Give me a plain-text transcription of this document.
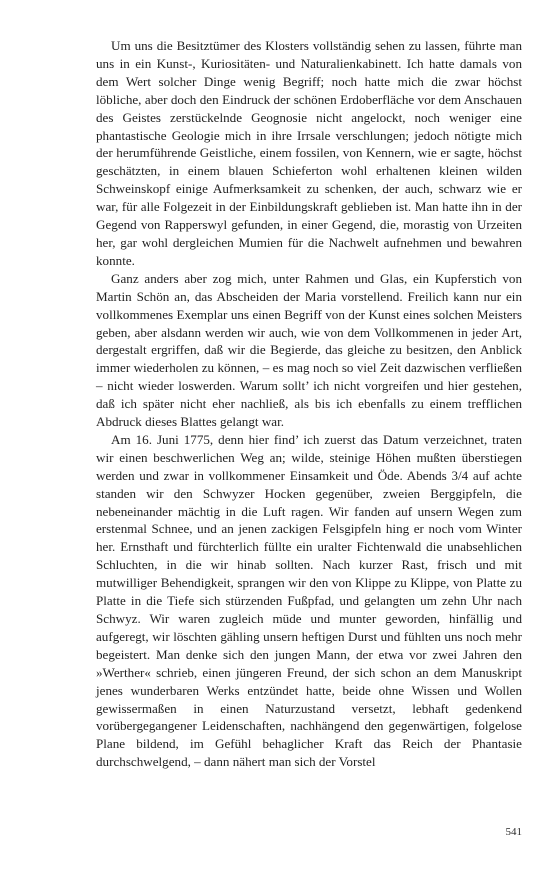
Um uns die Besitztümer des Klosters vollständig sehen zu lassen, führte man uns in ein Kunst-, Kuriositäten- und Naturalienkabinett. Ich hatte damals von dem Wert solcher Dinge wenig Begriff; noch hatte mich die zwar höchst löbliche, aber doch den Eindruck der schönen Erdoberfläche vor dem Anschauen des Geistes zerstückelnde Geognosie nicht angelockt, noch weniger eine phantastische Geologie mich in ihre Irrsale verschlungen; jedoch nötigte mich der herumführende Geistliche, einem fossilen, von Kennern, wie er sagte, höchst geschätzten, in einem blauen Schieferton wohl erhaltenen kleinen wilden Schweinskopf einige Aufmerksamkeit zu schenken, der auch, schwarz wie er war, für alle Folgezeit in der Einbildungskraft geblieben ist. Man hatte ihn in der Gegend von Rapperswyl gefunden, in einer Gegend, die, morastig von Urzeiten her, gar wohl dergleichen Mumien für die Nachwelt aufnehmen und bewahren konnte.

Ganz anders aber zog mich, unter Rahmen und Glas, ein Kupferstich von Martin Schön an, das Abscheiden der Maria vorstellend. Freilich kann nur ein vollkommenes Exemplar uns einen Begriff von der Kunst eines solchen Meisters geben, aber alsdann werden wir auch, wie von dem Vollkommenen in jeder Art, dergestalt ergriffen, daß wir die Begierde, das gleiche zu besitzen, den Anblick immer wiederholen zu können, – es mag noch so viel Zeit dazwischen verfließen – nicht wieder loswerden. Warum sollt’ ich nicht vorgreifen und hier gestehen, daß ich später nicht eher nachließ, als bis ich ebenfalls zu einem trefflichen Abdruck dieses Blattes gelangt war.

Am 16. Juni 1775, denn hier find’ ich zuerst das Datum verzeichnet, traten wir einen beschwerlichen Weg an; wilde, steinige Höhen mußten überstiegen werden und zwar in vollkommener Einsamkeit und Öde. Abends 3/4 auf achte standen wir den Schwyzer Hocken gegenüber, zweien Berggipfeln, die nebeneinander mächtig in die Luft ragen. Wir fanden auf unsern Wegen zum erstenmal Schnee, und an jenen zackigen Felsgipfeln hing er noch vom Winter her. Ernsthaft und fürchterlich füllte ein uralter Fichtenwald die unabsehlichen Schluchten, in die wir hinab sollten. Nach kurzer Rast, frisch und mit mutwilliger Behendigkeit, sprangen wir den von Klippe zu Klippe, von Platte zu Platte in die Tiefe sich stürzenden Fußpfad, und gelangten um zehn Uhr nach Schwyz. Wir waren zugleich müde und munter geworden, hinfällig und aufgeregt, wir löschten gähling unsern heftigen Durst und fühlten uns noch mehr begeistert. Man denke sich den jungen Mann, der etwa vor zwei Jahren den »Werther« schrieb, einen jüngeren Freund, der sich schon an dem Manuskript jenes wunderbaren Werks entzündet hatte, beide ohne Wissen und Wollen gewissermaßen in einen Naturzustand versetzt, lebhaft gedenkend vorübergegangener Leidenschaften, nachhängend den gegenwärtigen, folgelose Plane bildend, im Gefühl behaglicher Kraft das Reich der Phantasie durchschwelgend, – dann nähert man sich der Vorstel

541
